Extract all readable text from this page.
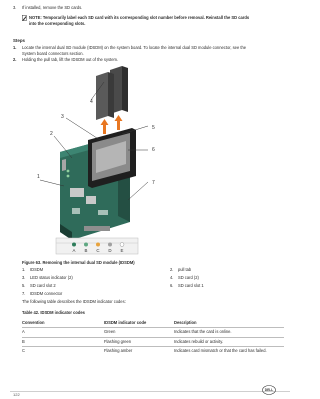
3. If installed, remove the SD cards.
NOTE: Temporarily label each SD card with its corresponding slot number before removal. Reinstall the SD cards
into the corresponding slots.
Steps
1. Locate the internal dual SD module (IDSDM) on the system board. To locate the internal dual SD module connector, see the
System board connectors section.
2. Holding the pull tab, lift the IDSDM out of the system.
1
2
3
4
5
6
7
A B C D E
Figure 63. Removing the internal dual SD module (IDSDM)
1. IDSDM	2. pull tab
3. LED status indicator (2)	4. SD card (2)
5. SD card slot 2	6. SD card slot 1
7. IDSDM connector
The following table describes the IDSDM indicator codes:
Table 42. IDSDM indicator codes
Convention	IDSDM indicator code	Description
A	Green	Indicates that the card is online.
B	Flashing green	Indicates rebuild or activity.
C	Flashing amber	Indicates card mismatch or that the card has failed.
122
DELL
